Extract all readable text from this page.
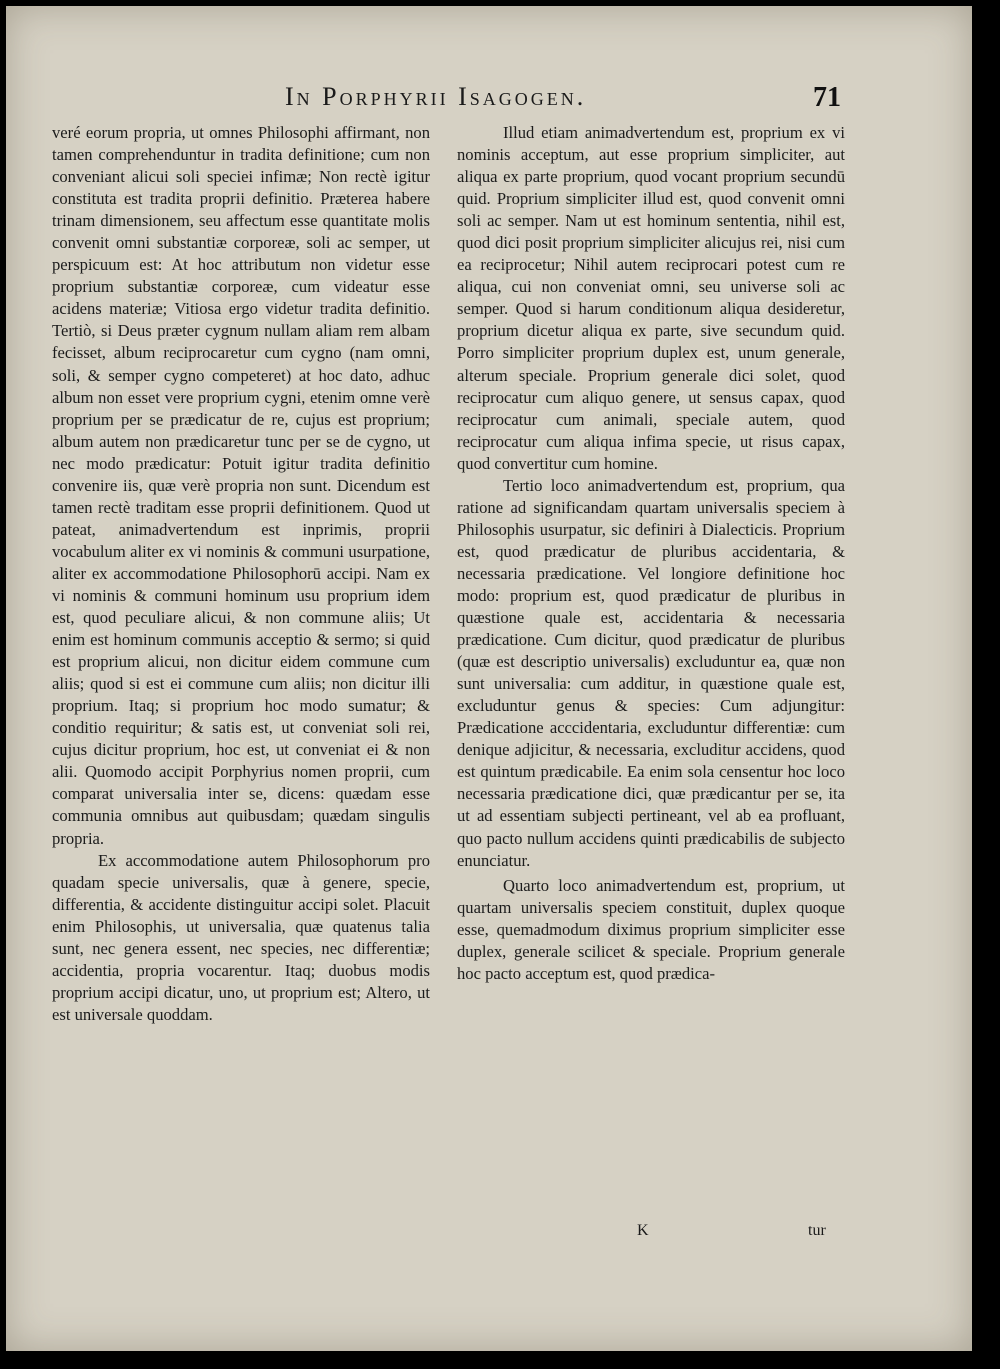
In Porphyrii Isagogen.	71

veré eorum propria, ut omnes Philosophi affirmant, non tamen comprehenduntur in tradita definitione; cum non conveniant alicui soli speciei infimæ; Non rectè igitur constituta est tradita proprii definitio. Præterea habere trinam dimensionem, seu affectum esse quantitate molis convenit omni substantiæ corporeæ, soli ac semper, ut perspicuum est: At hoc attributum non videtur esse proprium substantiæ corporeæ, cum videatur esse acidens materiæ; Vitiosa ergo videtur tradita definitio. Tertiò, si Deus præter cygnum nullam aliam rem albam fecisset, album reciprocaretur cum cygno (nam omni, soli, & semper cygno competeret) at hoc dato, adhuc album non esset vere proprium cygni, etenim omne verè proprium per se prædicatur de re, cujus est proprium; album autem non prædicaretur tunc per se de cygno, ut nec modo prædicatur: Potuit igitur tradita definitio convenire iis, quæ verè propria non sunt. Dicendum est tamen rectè traditam esse proprii definitionem. Quod ut pateat, animadvertendum est inprimis, proprii vocabulum aliter ex vi nominis & communi usurpatione, aliter ex accommodatione Philosophorū accipi. Nam ex vi nominis & communi hominum usu proprium idem est, quod peculiare alicui, & non commune aliis; Ut enim est hominum communis acceptio & sermo; si quid est proprium alicui, non dicitur eidem commune cum aliis; quod si est ei commune cum aliis; non dicitur illi proprium. Itaq; si proprium hoc modo sumatur; & conditio requiritur; & satis est, ut conveniat soli rei, cujus dicitur proprium, hoc est, ut conveniat ei & non alii. Quomodo accipit Porphyrius nomen proprii, cum comparat universalia inter se, dicens: quædam esse communia omnibus aut quibusdam; quædam singulis propria.

Ex accommodatione autem Philosophorum pro quadam specie universalis, quæ à genere, specie, differentia, & accidente distinguitur accipi solet. Placuit enim Philosophis, ut universalia, quæ quatenus talia sunt, nec genera essent, nec species, nec differentiæ; accidentia, propria vocarentur. Itaq; duobus modis proprium accipi dicatur, uno, ut proprium est; Altero, ut est universale quoddam.

Illud etiam animadvertendum est, proprium ex vi nominis acceptum, aut esse proprium simpliciter, aut aliqua ex parte proprium, quod vocant proprium secundū quid. Proprium simpliciter illud est, quod convenit omni soli ac semper. Nam ut est hominum sententia, nihil est, quod dici posit proprium simpliciter alicujus rei, nisi cum ea reciprocetur; Nihil autem reciprocari potest cum re aliqua, cui non conveniat omni, seu universe soli ac semper. Quod si harum conditionum aliqua desideretur, proprium dicetur aliqua ex parte, sive secundum quid. Porro simpliciter proprium duplex est, unum generale, alterum speciale. Proprium generale dici solet, quod reciprocatur cum aliquo genere, ut sensus capax, quod reciprocatur cum animali, speciale autem, quod reciprocatur cum aliqua infima specie, ut risus capax, quod convertitur cum homine.

Tertio loco animadvertendum est, proprium, qua ratione ad significandam quartam universalis speciem à Philosophis usurpatur, sic definiri à Dialecticis. Proprium est, quod prædicatur de pluribus accidentaria, & necessaria prædicatione. Vel longiore definitione hoc modo: proprium est, quod prædicatur de pluribus in quæstione quale est, accidentaria & necessaria prædicatione. Cum dicitur, quod prædicatur de pluribus (quæ est descriptio universalis) excluduntur ea, quæ non sunt universalia: cum additur, in quæstione quale est, excluduntur genus & species: Cum adjungitur: Prædicatione acccidentaria, excluduntur differentiæ: cum denique adjicitur, & necessaria, excluditur accidens, quod est quintum prædicabile. Ea enim sola censentur hoc loco necessaria prædicatione dici, quæ prædicantur per se, ita ut ad essentiam subjecti pertineant, vel ab ea profluant, quo pacto nullum accidens quinti prædicabilis de subjecto enunciatur.

Quarto loco animadvertendum est, proprium, ut quartam universalis speciem constituit, duplex quoque esse, quemadmodum diximus proprium simpliciter esse duplex, generale scilicet & speciale. Proprium generale hoc pacto acceptum est, quod prædica-

K	tur
